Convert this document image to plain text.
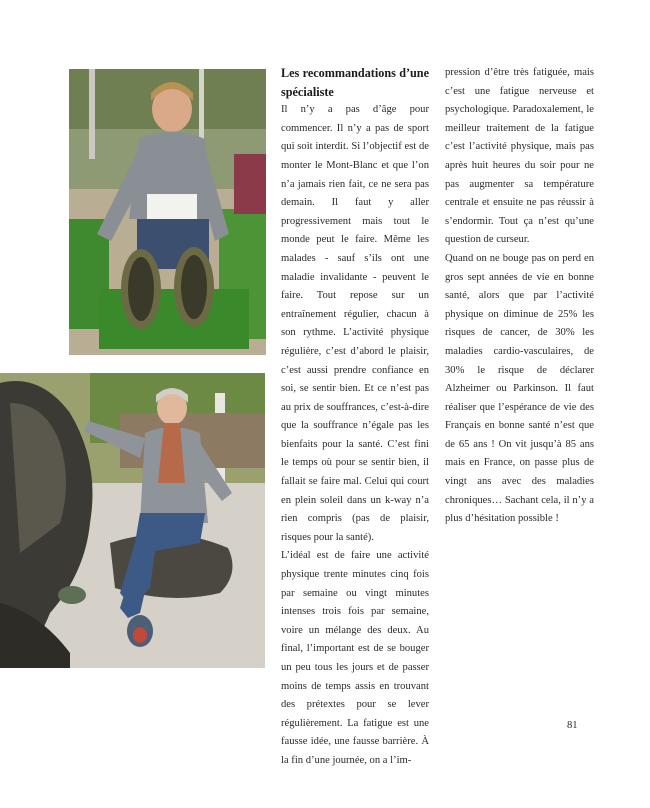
Les recommandations d’une spécialiste

Il n’y a pas d’âge pour commencer. Il n’y a pas de sport qui soit interdit. Si l’objectif est de monter le Mont-Blanc et que l’on n’a jamais rien fait, ce ne sera pas demain. Il faut y aller progressivement mais tout le monde peut le faire. Même les malades - sauf s’ils ont une maladie invalidante - peuvent le faire. Tout repose sur un entraînement régulier, chacun à son rythme. L’activité physique régulière, c’est d’abord le plaisir, c’est aussi prendre confiance en soi, se sentir bien. Et ce n’est pas au prix de souffrances, c’est-à-dire que la souffrance n’égale pas les bienfaits pour la santé. C’est fini le temps où pour se sentir bien, il fallait se faire mal. Celui qui court en plein soleil dans un k-way n’a rien compris (pas de plaisir, risques pour la santé).

L’idéal est de faire une activité physique trente minutes cinq fois par semaine ou vingt minutes intenses trois fois par semaine, voire un mélange des deux. Au final, l’important est de se bouger un peu tous les jours et de passer moins de temps assis en trouvant des prétextes pour se lever régulièrement. La fatigue est une fausse idée, une fausse barrière. À la fin d’une journée, on a l’im-

pression d’être très fatiguée, mais c’est une fatigue nerveuse et psychologique. Paradoxalement, le meilleur traitement de la fatigue c’est l’activité physique, mais pas après huit heures du soir pour ne pas augmenter sa température centrale et ensuite ne pas réussir à s’endormir. Tout ça n’est qu’une question de curseur.

Quand on ne bouge pas on perd en gros sept années de vie en bonne santé, alors que par l’activité physique on diminue de 25% les risques de cancer, de 30% les maladies cardio-vasculaires, de 30% le risque de déclarer Alzheimer ou Parkinson. Il faut réaliser que l’espérance de vie des Français en bonne santé n’est que de 65 ans ! On vit jusqu’à 85 ans mais en France, on passe plus de vingt ans avec des maladies chroniques… Sachant cela, il n’y a plus d’hésitation possible !

81
